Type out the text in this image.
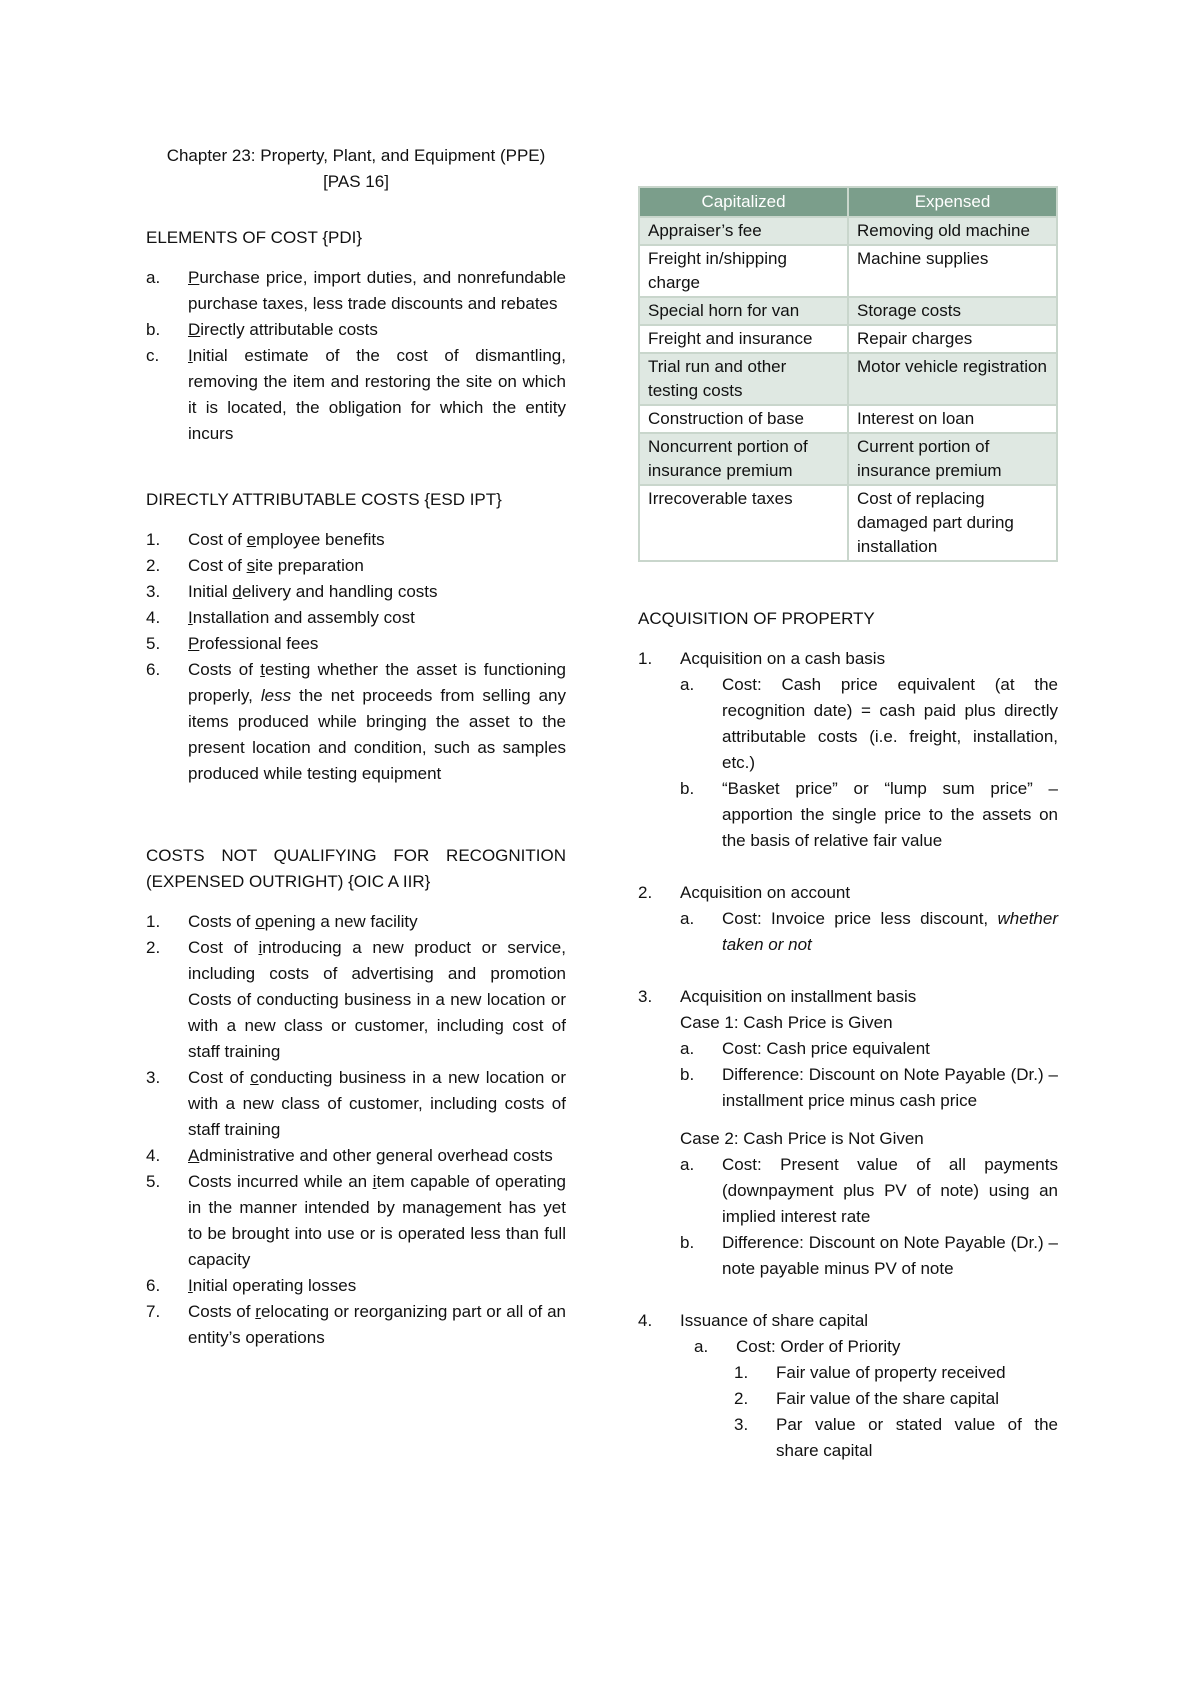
Chapter 23: Property, Plant, and Equipment (PPE)
[PAS 16]
ELEMENTS OF COST {PDI}
a.	Purchase price, import duties, and nonrefundable purchase taxes, less trade discounts and rebates
b.	Directly attributable costs
c.	Initial estimate of the cost of dismantling, removing the item and restoring the site on which it is located, the obligation for which the entity incurs
DIRECTLY ATTRIBUTABLE COSTS {ESD IPT}
1.	Cost of employee benefits
2.	Cost of site preparation
3.	Initial delivery and handling costs
4.	Installation and assembly cost
5.	Professional fees
6.	Costs of testing whether the asset is functioning properly, less the net proceeds from selling any items produced while bringing the asset to the present location and condition, such as samples produced while testing equipment
COSTS NOT QUALIFYING FOR RECOGNITION (EXPENSED OUTRIGHT) {OIC A IIR}
1.	Costs of opening a new facility
2.	Cost of introducing a new product or service, including costs of advertising and promotion Costs of conducting business in a new location or with a new class or customer, including cost of staff training
3.	Cost of conducting business in a new location or with a new class of customer, including costs of staff training
4.	Administrative and other general overhead costs
5.	Costs incurred while an item capable of operating in the manner intended by management has yet to be brought into use or is operated less than full capacity
6.	Initial operating losses
7.	Costs of relocating or reorganizing part or all of an entity’s operations
Capitalized	Expensed
Appraiser’s fee	Removing old machine
Freight in/shipping charge	Machine supplies
Special horn for van	Storage costs
Freight and insurance	Repair charges
Trial run and other testing costs	Motor vehicle registration
Construction of base	Interest on loan
Noncurrent portion of insurance premium	Current portion of insurance premium
Irrecoverable taxes	Cost of replacing damaged part during installation
ACQUISITION OF PROPERTY
1.	Acquisition on a cash basis
a.	Cost: Cash price equivalent (at the recognition date) = cash paid plus directly attributable costs (i.e. freight, installation, etc.)
b.	“Basket price” or “lump sum price” – apportion the single price to the assets on the basis of relative fair value
2.	Acquisition on account
a.	Cost: Invoice price less discount, whether taken or not
3.	Acquisition on installment basis
Case 1: Cash Price is Given
a.	Cost: Cash price equivalent
b.	Difference: Discount on Note Payable (Dr.) – installment price minus cash price
Case 2: Cash Price is Not Given
a.	Cost: Present value of all payments (downpayment plus PV of note) using an implied interest rate
b.	Difference: Discount on Note Payable (Dr.) – note payable minus PV of note
4.	Issuance of share capital
a.	Cost: Order of Priority
1.	Fair value of property received
2.	Fair value of the share capital
3.	Par value or stated value of the share capital
